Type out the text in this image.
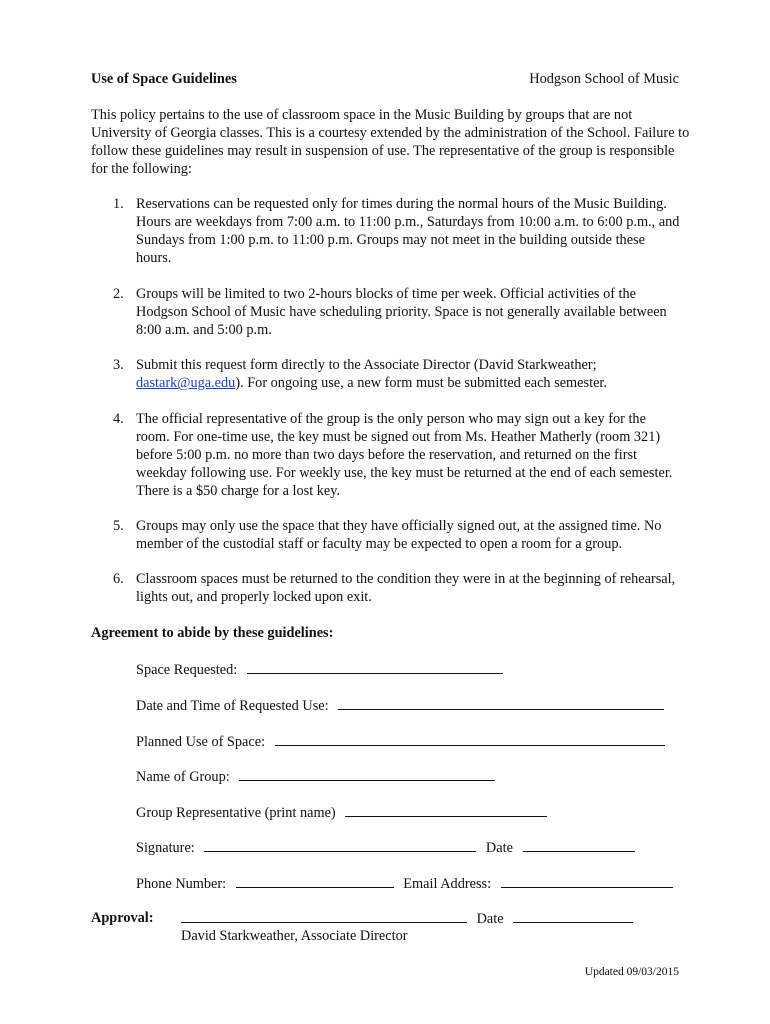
Use of Space Guidelines	Hodgson School of Music
This policy pertains to the use of classroom space in the Music Building by groups that are not University of Georgia classes. This is a courtesy extended by the administration of the School. Failure to follow these guidelines may result in suspension of use. The representative of the group is responsible for the following:
1. Reservations can be requested only for times during the normal hours of the Music Building. Hours are weekdays from 7:00 a.m. to 11:00 p.m., Saturdays from 10:00 a.m. to 6:00 p.m., and Sundays from 1:00 p.m. to 11:00 p.m. Groups may not meet in the building outside these hours.
2. Groups will be limited to two 2-hours blocks of time per week. Official activities of the Hodgson School of Music have scheduling priority. Space is not generally available between 8:00 a.m. and 5:00 p.m.
3. Submit this request form directly to the Associate Director (David Starkweather; dastark@uga.edu). For ongoing use, a new form must be submitted each semester.
4. The official representative of the group is the only person who may sign out a key for the room. For one-time use, the key must be signed out from Ms. Heather Matherly (room 321) before 5:00 p.m. no more than two days before the reservation, and returned on the first weekday following use. For weekly use, the key must be returned at the end of each semester. There is a $50 charge for a lost key.
5. Groups may only use the space that they have officially signed out, at the assigned time. No member of the custodial staff or faculty may be expected to open a room for a group.
6. Classroom spaces must be returned to the condition they were in at the beginning of rehearsal, lights out, and properly locked upon exit.
Agreement to abide by these guidelines:
Space Requested:
Date and Time of Requested Use:
Planned Use of Space:
Name of Group:
Group Representative (print name)
Signature:	Date
Phone Number:	Email Address:
Approval:	Date
David Starkweather, Associate Director
Updated 09/03/2015
